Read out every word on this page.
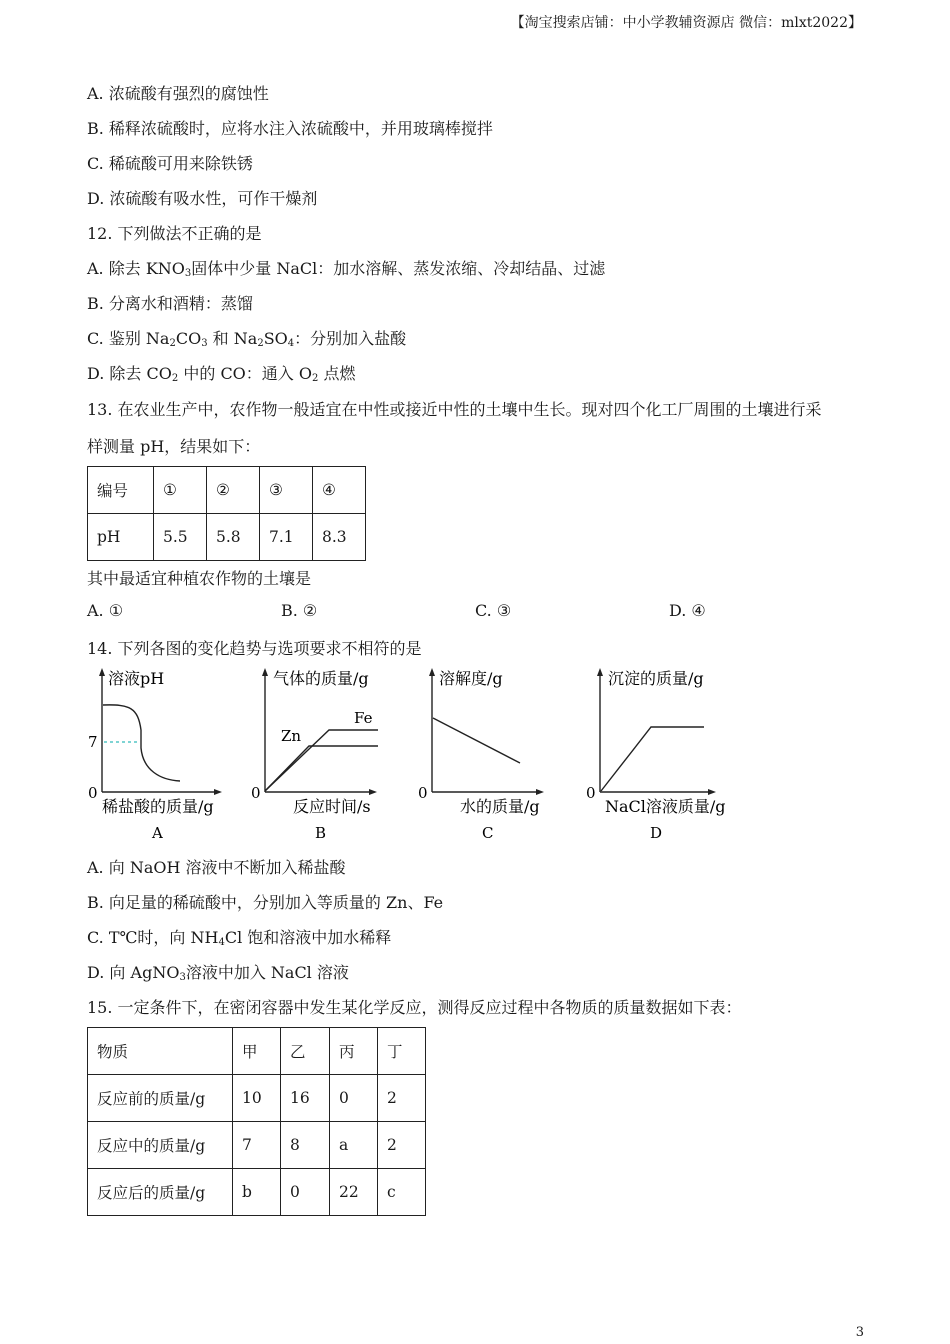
【淘宝搜索店铺：中小学教辅资源店 微信：mlxt2022】
A. 浓硫酸有强烈的腐蚀性
B. 稀释浓硫酸时，应将水注入浓硫酸中，并用玻璃棒搅拌
C. 稀硫酸可用来除铁锈
D. 浓硫酸有吸水性，可作干燥剂
12. 下列做法不正确的是
A. 除去 $KNO_3$固体中少量 NaCl：加水溶解、蒸发浓缩、冷却结晶、过滤
B. 分离水和酒精：蒸馏
C. 鉴别 $Na_2CO_3$ 和 $Na_2SO_4$：分别加入盐酸
D. 除去 $CO_2$ 中的 CO：通入 $O_2$ 点燃
13. 在农业生产中，农作物一般适宜在中性或接近中性的土壤中生长。现对四个化工厂周围的土壤进行采
样测量 pH，结果如下：
编号	①	②	③	④
pH	5.5	5.8	7.1	8.3
其中最适宜种植农作物的土壤是
A. ①	B. ②	C. ③	D. ④
14. 下列各图的变化趋势与选项要求不相符的是
溶液pH
7
0
稀盐酸的质量/g
A
气体的质量/g
Fe
Zn
0
反应时间/s
B
溶解度/g
0
水的质量/g
C
沉淀的质量/g
0
NaCl溶液质量/g
D
A. 向 NaOH 溶液中不断加入稀盐酸
B. 向足量的稀硫酸中，分别加入等质量的 Zn、Fe
C. T℃时，向 $NH_4Cl$ 饱和溶液中加水稀释
D. 向 AgNO$_3$溶液中加入 NaCl 溶液
15. 一定条件下，在密闭容器中发生某化学反应，测得反应过程中各物质的质量数据如下表：
物质	甲	乙	丙	丁
反应前的质量/g	10	16	0	2
反应中的质量/g	7	8	a	2
反应后的质量/g	b	0	22	c
3
